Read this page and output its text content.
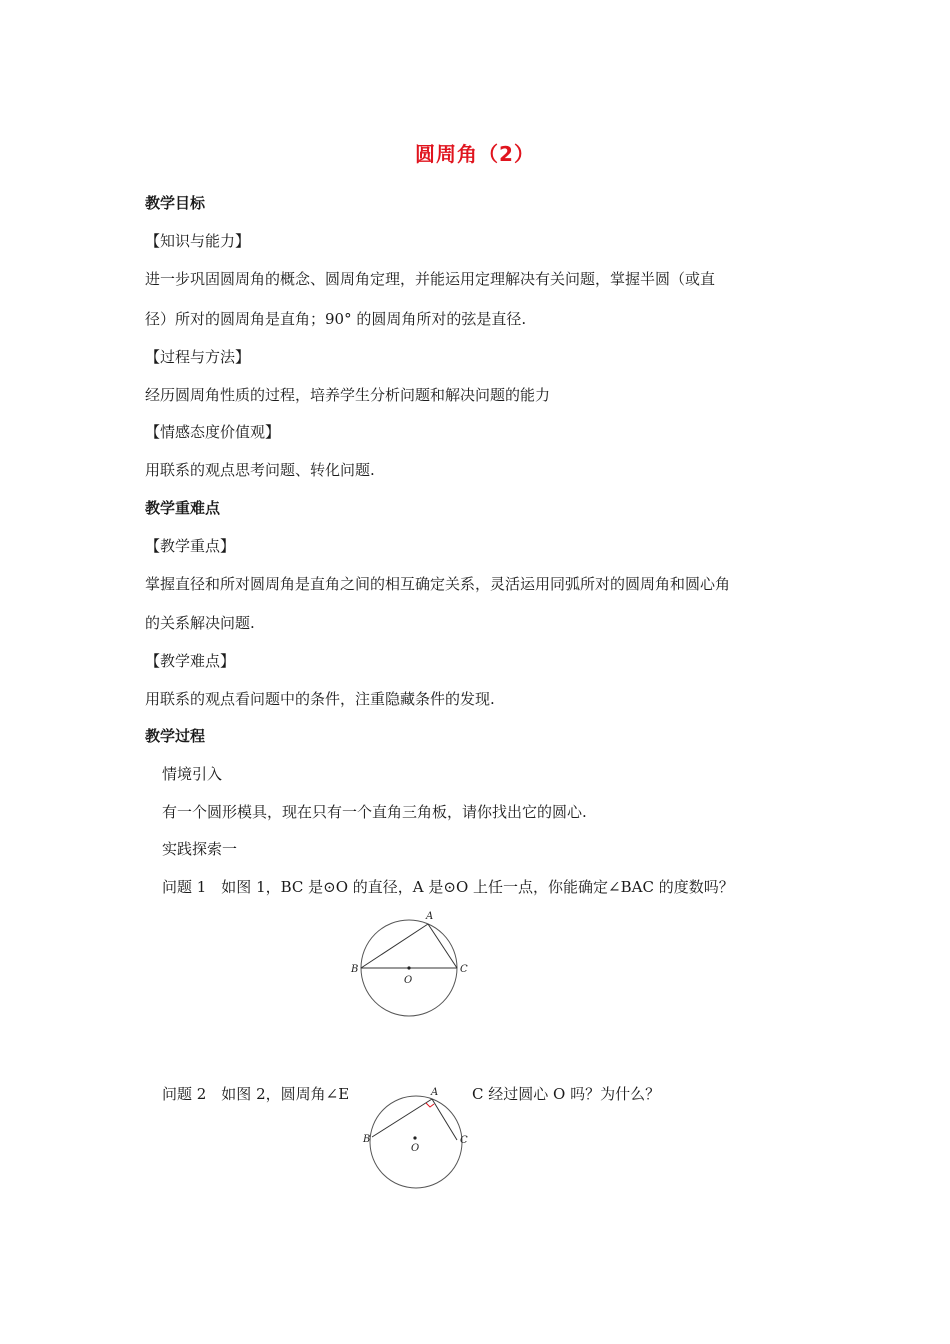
圆周角（2）
教学目标
【知识与能力】
进一步巩固圆周角的概念、圆周角定理，并能运用定理解决有关问题，掌握半圆（或直
径）所对的圆周角是直角；90° 的圆周角所对的弦是直径.
【过程与方法】
经历圆周角性质的过程，培养学生分析问题和解决问题的能力
【情感态度价值观】
用联系的观点思考问题、转化问题.
教学重难点
【教学重点】
掌握直径和所对圆周角是直角之间的相互确定关系，灵活运用同弧所对的圆周角和圆心角
的关系解决问题.
【教学难点】
用联系的观点看问题中的条件，注重隐藏条件的发现.
教学过程
情境引入
有一个圆形模具，现在只有一个直角三角板，请你找出它的圆心.
实践探索一
问题 1　如图 1，BC 是⊙O 的直径，A 是⊙O 上任一点，你能确定∠BAC 的度数吗？
A
B	C
O
问题 2　如图 2，圆周角∠E	C 经过圆心 O 吗？为什么？
A
B	C
O
